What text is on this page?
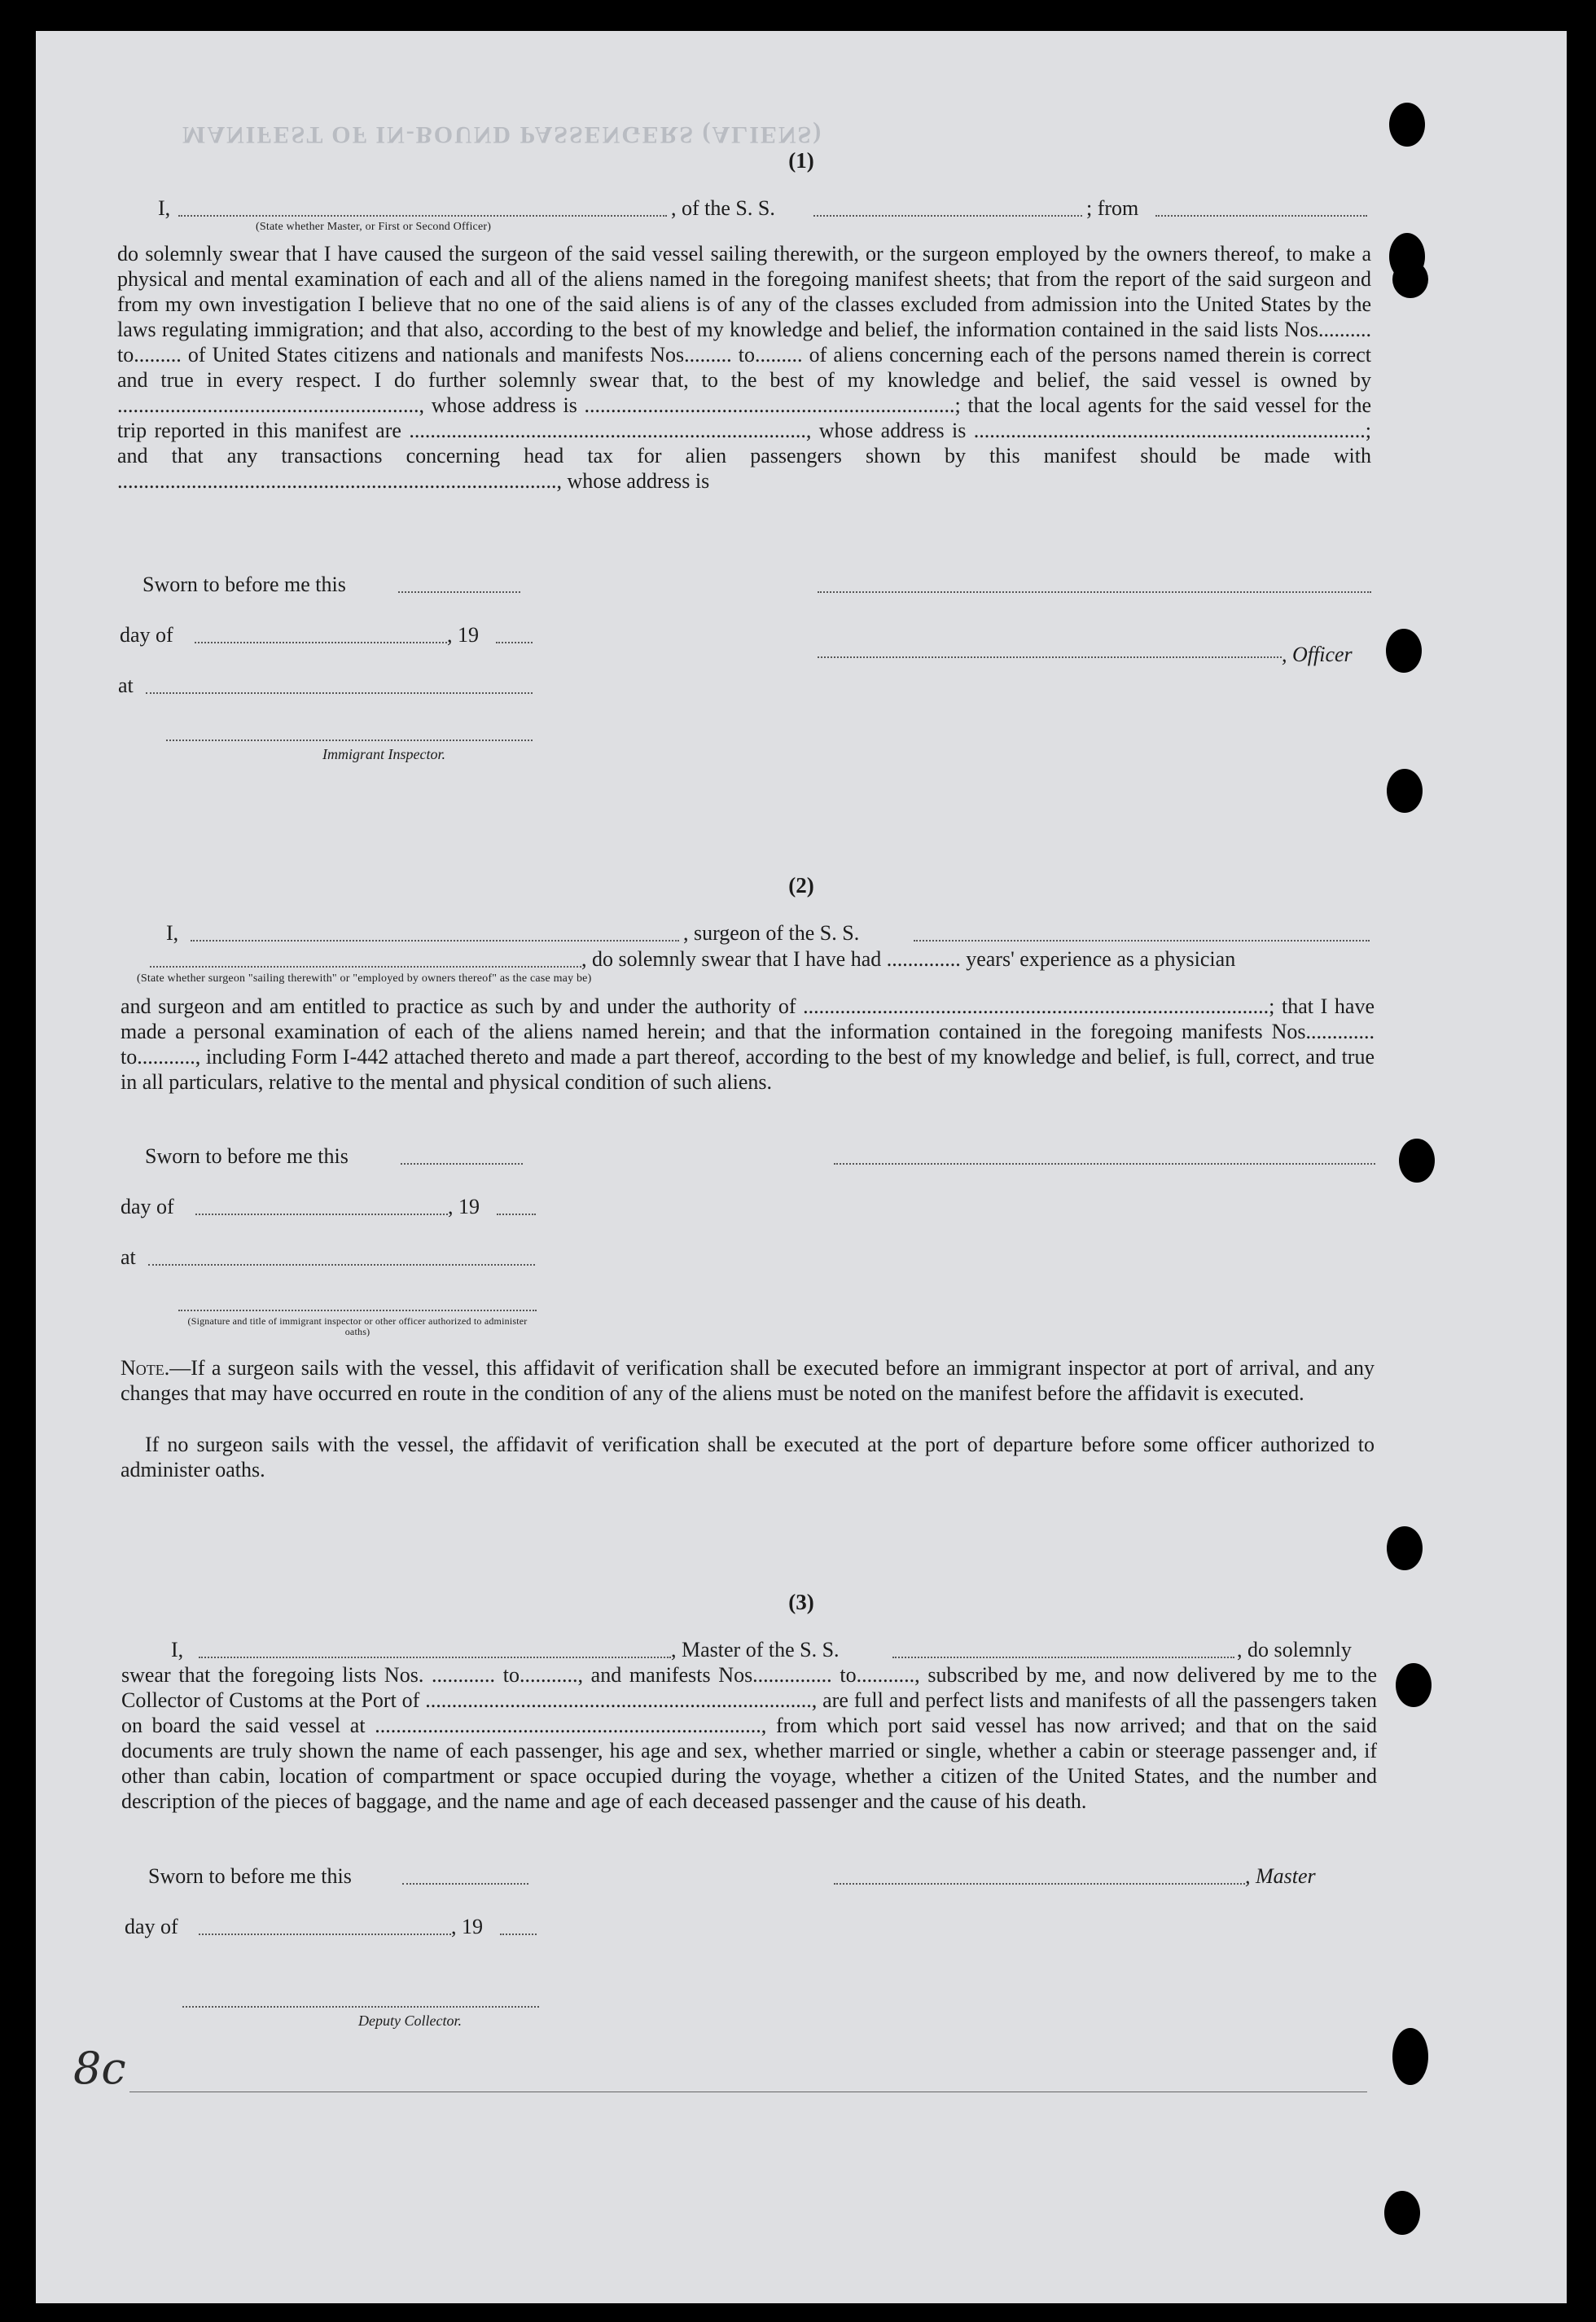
MANIFEST OF IN-BOUND PASSENGERS (ALIENS)
(1)
I,	, of the S. S.	; from
(State whether Master, or First or Second Officer)
do solemnly swear that I have caused the surgeon of the said vessel sailing therewith, or the surgeon employed by the owners thereof, to make a physical and mental examination of each and all of the aliens named in the foregoing manifest sheets; that from the report of the said surgeon and from my own investigation I believe that no one of the said aliens is of any of the classes excluded from admission into the United States by the laws regulating immigration; and that also, according to the best of my knowledge and belief, the information contained in the said lists Nos.......... to......... of United States citizens and nationals and manifests Nos......... to......... of aliens concerning each of the persons named therein is correct and true in every respect. I do further solemnly swear that, to the best of my knowledge and belief, the said vessel is owned by ........................................................., whose address is ......................................................................; that the local agents for the said vessel for the trip reported in this manifest are ..........................................................................., whose address is ..........................................................................; and that any transactions concerning head tax for alien passengers shown by this manifest should be made with ..................................................................................., whose address is
Sworn to before me this
day of	, 19
, Officer
at
Immigrant Inspector.
(2)
I,	, surgeon of the S. S.
, do solemnly swear that I have had .............. years' experience as a physician
(State whether surgeon "sailing therewith" or "employed by owners thereof" as the case may be)
and surgeon and am entitled to practice as such by and under the authority of ........................................................................................; that I have made a personal examination of each of the aliens named herein; and that the information contained in the foregoing manifests Nos............. to..........., including Form I-442 attached thereto and made a part thereof, according to the best of my knowledge and belief, is full, correct, and true in all particulars, relative to the mental and physical condition of such aliens.
Sworn to before me this
day of	, 19
at
(Signature and title of immigrant inspector or other officer authorized to administer oaths)
Note.—If a surgeon sails with the vessel, this affidavit of verification shall be executed before an immigrant inspector at port of arrival, and any changes that may have occurred en route in the condition of any of the aliens must be noted on the manifest before the affidavit is executed.
If no surgeon sails with the vessel, the affidavit of verification shall be executed at the port of departure before some officer authorized to administer oaths.
(3)
I,	, Master of the S. S.	, do solemnly
swear that the foregoing lists Nos. ............ to..........., and manifests Nos............... to..........., subscribed by me, and now delivered by me to the Collector of Customs at the Port of ........................................................................., are full and perfect lists and manifests of all the passengers taken on board the said vessel at ........................................................................., from which port said vessel has now arrived; and that on the said documents are truly shown the name of each passenger, his age and sex, whether married or single, whether a cabin or steerage passenger and, if other than cabin, location of compartment or space occupied during the voyage, whether a citizen of the United States, and the number and description of the pieces of baggage, and the name and age of each deceased passenger and the cause of his death.
Sworn to before me this	, Master
day of	, 19
Deputy Collector.
8c
